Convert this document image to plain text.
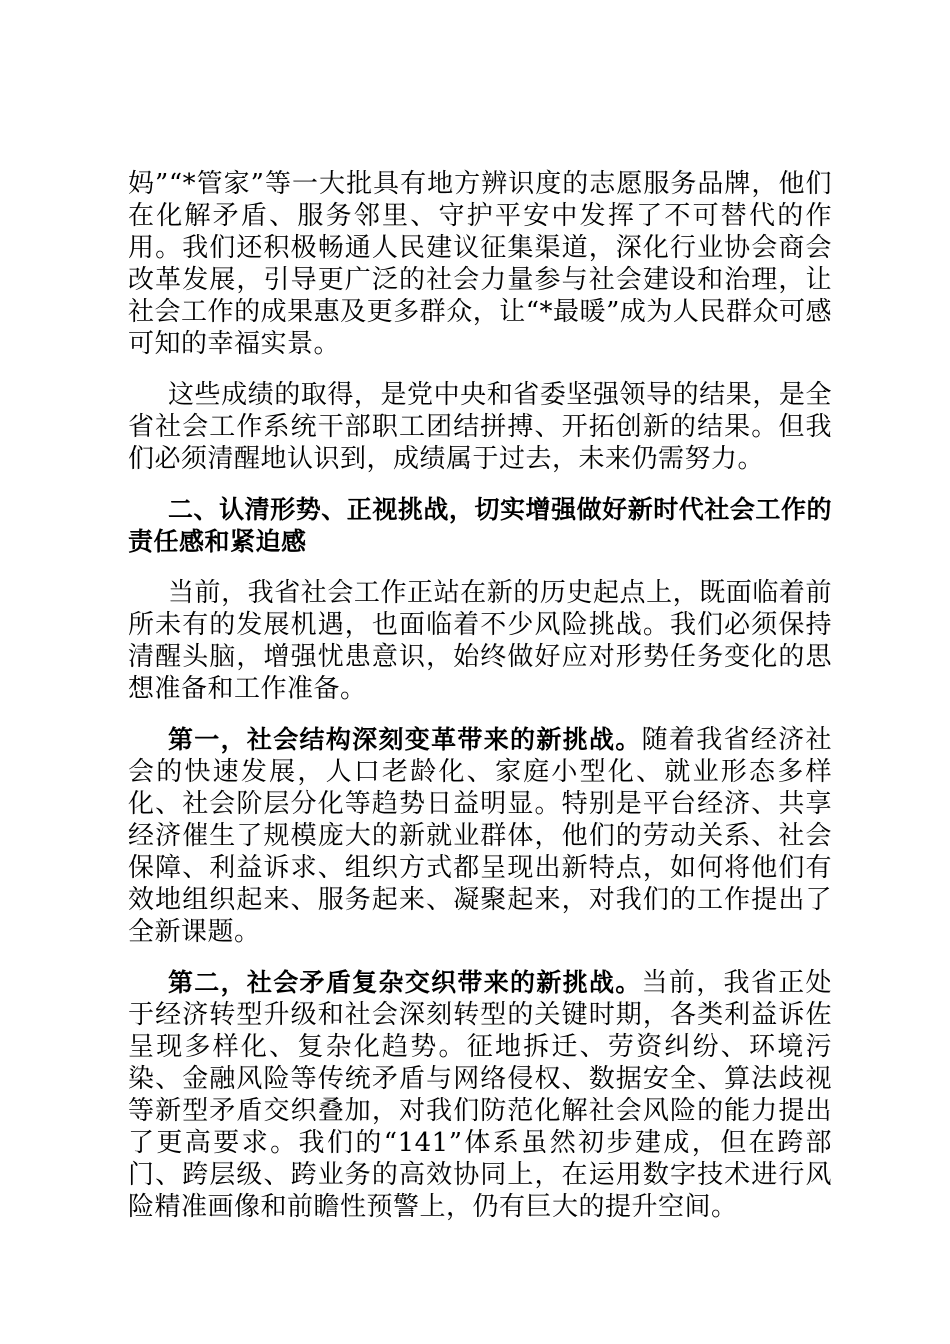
妈”“*管家”等一大批具有地方辨识度的志愿服务品牌，他们在化解矛盾、服务邻里、守护平安中发挥了不可替代的作用。我们还积极畅通人民建议征集渠道，深化行业协会商会改革发展，引导更广泛的社会力量参与社会建设和治理，让社会工作的成果惠及更多群众，让“*最暖”成为人民群众可感可知的幸福实景。

这些成绩的取得，是党中央和省委坚强领导的结果，是全省社会工作系统干部职工团结拼搏、开拓创新的结果。但我们必须清醒地认识到，成绩属于过去，未来仍需努力。

二、认清形势、正视挑战，切实增强做好新时代社会工作的责任感和紧迫感

当前，我省社会工作正站在新的历史起点上，既面临着前所未有的发展机遇，也面临着不少风险挑战。我们必须保持清醒头脑，增强忧患意识，始终做好应对形势任务变化的思想准备和工作准备。

第一，社会结构深刻变革带来的新挑战。随着我省经济社会的快速发展，人口老龄化、家庭小型化、就业形态多样化、社会阶层分化等趋势日益明显。特别是平台经济、共享经济催生了规模庞大的新就业群体，他们的劳动关系、社会保障、利益诉求、组织方式都呈现出新特点，如何将他们有效地组织起来、服务起来、凝聚起来，对我们的工作提出了全新课题。

第二，社会矛盾复杂交织带来的新挑战。当前，我省正处于经济转型升级和社会深刻转型的关键时期，各类利益诉佐呈现多样化、复杂化趋势。征地拆迁、劳资纠纷、环境污染、金融风险等传统矛盾与网络侵权、数据安全、算法歧视等新型矛盾交织叠加，对我们防范化解社会风险的能力提出了更高要求。我们的“141”体系虽然初步建成，但在跨部门、跨层级、跨业务的高效协同上，在运用数字技术进行风险精准画像和前瞻性预警上，仍有巨大的提升空间。
